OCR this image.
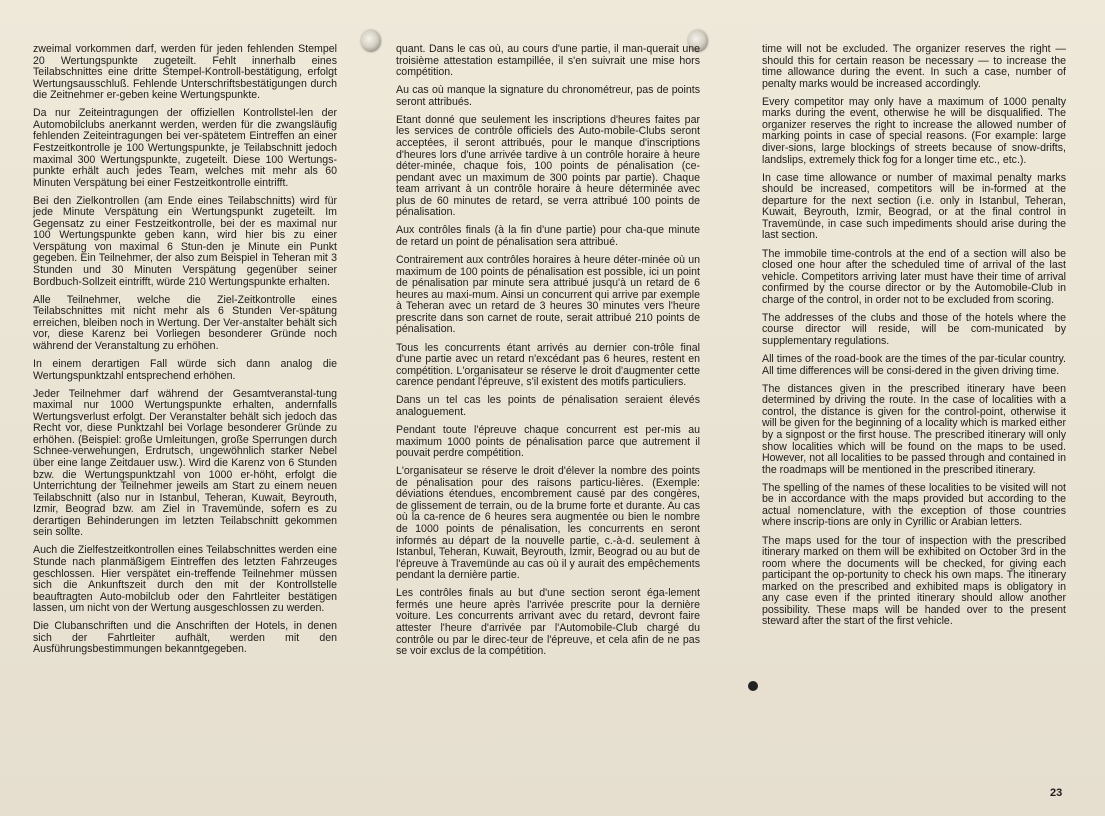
zweimal vorkommen darf, werden für jeden fehlenden Stempel 20 Wertungspunkte zugeteilt. Fehlt innerhalb eines Teilabschnittes eine dritte Stempel-Kontroll-bestätigung, erfolgt Wertungsausschluß. Fehlende Unterschriftsbestätigungen durch die Zeitnehmer er-geben keine Wertungspunkte.

Da nur Zeiteintragungen der offiziellen Kontrollstel-len der Automobilclubs anerkannt werden, werden für die zwangsläufig fehlenden Zeiteintragungen bei ver-spätetem Eintreffen an einer Festzeitkontrolle je 100 Wertungspunkte, je Teilabschnitt jedoch maximal 300 Wertungspunkte, zugeteilt. Diese 100 Wertungs-punkte erhält auch jedes Team, welches mit mehr als 60 Minuten Verspätung bei einer Festzeitkontrolle eintrifft.

Bei den Zielkontrollen (am Ende eines Teilabschnitts) wird für jede Minute Verspätung ein Wertungspunkt zugeteilt. Im Gegensatz zu einer Festzeitkontrolle, bei der es maximal nur 100 Wertungspunkte geben kann, wird hier bis zu einer Verspätung von maximal 6 Stun-den je Minute ein Punkt gegeben. Ein Teilnehmer, der also zum Beispiel in Teheran mit 3 Stunden und 30 Minuten Verspätung gegenüber seiner Bordbuch-Sollzeit eintrifft, würde 210 Wertungspunkte erhalten.

Alle Teilnehmer, welche die Ziel-Zeitkontrolle eines Teilabschnittes mit nicht mehr als 6 Stunden Ver-spätung erreichen, bleiben noch in Wertung. Der Ver-anstalter behält sich vor, diese Karenz bei Vorliegen besonderer Gründe noch während der Veranstaltung zu erhöhen.

In einem derartigen Fall würde sich dann analog die Wertungspunktzahl entsprechend erhöhen.

Jeder Teilnehmer darf während der Gesamtveranstal-tung maximal nur 1000 Wertungspunkte erhalten, andernfalls Wertungsverlust erfolgt. Der Veranstalter behält sich jedoch das Recht vor, diese Punktzahl bei Vorlage besonderer Gründe zu erhöhen. (Beispiel: große Umleitungen, große Sperrungen durch Schnee-verwehungen, Erdrutsch, ungewöhnlich starker Nebel über eine lange Zeitdauer usw.). Wird die Karenz von 6 Stunden bzw. die Wertungspunktzahl von 1000 er-höht, erfolgt die Unterrichtung der Teilnehmer jeweils am Start zu einem neuen Teilabschnitt (also nur in Istanbul, Teheran, Kuwait, Beyrouth, Izmir, Beograd bzw. am Ziel in Travemünde, sofern es zu derartigen Behinderungen im letzten Teilabschnitt gekommen sein sollte.

Auch die Zielfestzeitkontrollen eines Teilabschnittes werden eine Stunde nach planmäßigem Eintreffen des letzten Fahrzeuges geschlossen. Hier verspätet ein-treffende Teilnehmer müssen sich die Ankunftszeit durch den mit der Kontrollstelle beauftragten Auto-mobilclub oder den Fahrtleiter bestätigen lassen, um nicht von der Wertung ausgeschlossen zu werden.

Die Clubanschriften und die Anschriften der Hotels, in denen sich der Fahrtleiter aufhält, werden mit den Ausführungsbestimmungen bekanntgegeben.

quant. Dans le cas où, au cours d'une partie, il man-querait une troisième attestation estampillée, il s'en suivrait une mise hors compétition.

Au cas où manque la signature du chronométreur, pas de points seront attribués.

Etant donné que seulement les inscriptions d'heures faites par les services de contrôle officiels des Auto-mobile-Clubs seront acceptées, il seront attribués, pour le manque d'inscriptions d'heures lors d'une arrivée tardive à un contrôle horaire à heure déter-minée, chaque fois, 100 points de pénalisation (ce-pendant avec un maximum de 300 points par partie). Chaque team arrivant à un contrôle horaire à heure déterminée avec plus de 60 minutes de retard, se verra attribué 100 points de pénalisation.

Aux contrôles finals (à la fin d'une partie) pour cha-que minute de retard un point de pénalisation sera attribué.

Contrairement aux contrôles horaires à heure déter-minée où un maximum de 100 points de pénalisation est possible, ici un point de pénalisation par minute sera attribué jusqu'à un retard de 6 heures au maxi-mum. Ainsi un concurrent qui arrive par exemple à Teheran avec un retard de 3 heures 30 minutes vers l'heure prescrite dans son carnet de route, serait attribué 210 points de pénalisation.

Tous les concurrents étant arrivés au dernier con-trôle final d'une partie avec un retard n'excédant pas 6 heures, restent en compétition. L'organisateur se réserve le droit d'augmenter cette carence pendant l'épreuve, s'il existent des motifs particuliers.

Dans un tel cas les points de pénalisation seraient élevés analoguement.

Pendant toute l'épreuve chaque concurrent est per-mis au maximum 1000 points de pénalisation parce que autrement il pouvait perdre compétition.

L'organisateur se réserve le droit d'élever la nombre des points de pénalisation pour des raisons particu-lières. (Exemple: déviations étendues, encombrement causé par des congères, de glissement de terrain, ou de la brume forte et durante. Au cas où la ca-rence de 6 heures sera augmentée ou bien le nombre de 1000 points de pénalisation, les concurrents en seront informés au départ de la nouvelle partie, c.-à-d. seulement à Istanbul, Teheran, Kuwait, Beyrouth, Izmir, Beograd ou au but de l'épreuve à Travemünde au cas où il y aurait des empêchements pendant la dernière partie.

Les contrôles finals au but d'une section seront éga-lement fermés une heure après l'arrivée prescrite pour la dernière voiture. Les concurrents arrivant avec du retard, devront faire attester l'heure d'arrivée par l'Automobile-Club chargé du contrôle ou par le direc-teur de l'épreuve, et cela afin de ne pas se voir exclus de la compétition.

time will not be excluded. The organizer reserves the right — should this for certain reason be necessary — to increase the time allowance during the event. In such a case, number of penalty marks would be increased accordingly.

Every competitor may only have a maximum of 1000 penalty marks during the event, otherwise he will be disqualified. The organizer reserves the right to increase the allowed number of marking points in case of special reasons. (For example: large diver-sions, large blockings of streets because of snow-drifts, landslips, extremely thick fog for a longer time etc., etc.).

In case time allowance or number of maximal penalty marks should be increased, competitors will be in-formed at the departure for the next section (i.e. only in Istanbul, Teheran, Kuwait, Beyrouth, Izmir, Beograd, or at the final control in Travemünde, in case such impediments should arise during the last section.

The immobile time-controls at the end of a section will also be closed one hour after the scheduled time of arrival of the last vehicle. Competitors arriving later must have their time of arrival confirmed by the course director or by the Automobile-Club in charge of the control, in order not to be excluded from scoring.

The addresses of the clubs and those of the hotels where the course director will reside, will be com-municated by supplementary regulations.

All times of the road-book are the times of the par-ticular country. All time differences will be consi-dered in the given driving time.

The distances given in the prescribed itinerary have been determined by driving the route. In the case of localities with a control, the distance is given for the control-point, otherwise it will be given for the beginning of a locality which is marked either by a signpost or the first house. The prescribed itinerary will only show localities which will be found on the maps to be used. However, not all localities to be passed through and contained in the roadmaps will be mentioned in the prescribed itinerary.

The spelling of the names of these localities to be visited will not be in accordance with the maps provided but according to the actual nomenclature, with the exception of those countries where inscrip-tions are only in Cyrillic or Arabian letters.

The maps used for the tour of inspection with the prescribed itinerary marked on them will be exhibited on October 3rd in the room where the documents will be checked, for giving each participant the op-portunity to check his own maps. The itinerary marked on the prescribed and exhibited maps is obligatory in any case even if the printed itinerary should allow another possibility. These maps will be handed over to the present steward after the start of the first vehicle.

23
